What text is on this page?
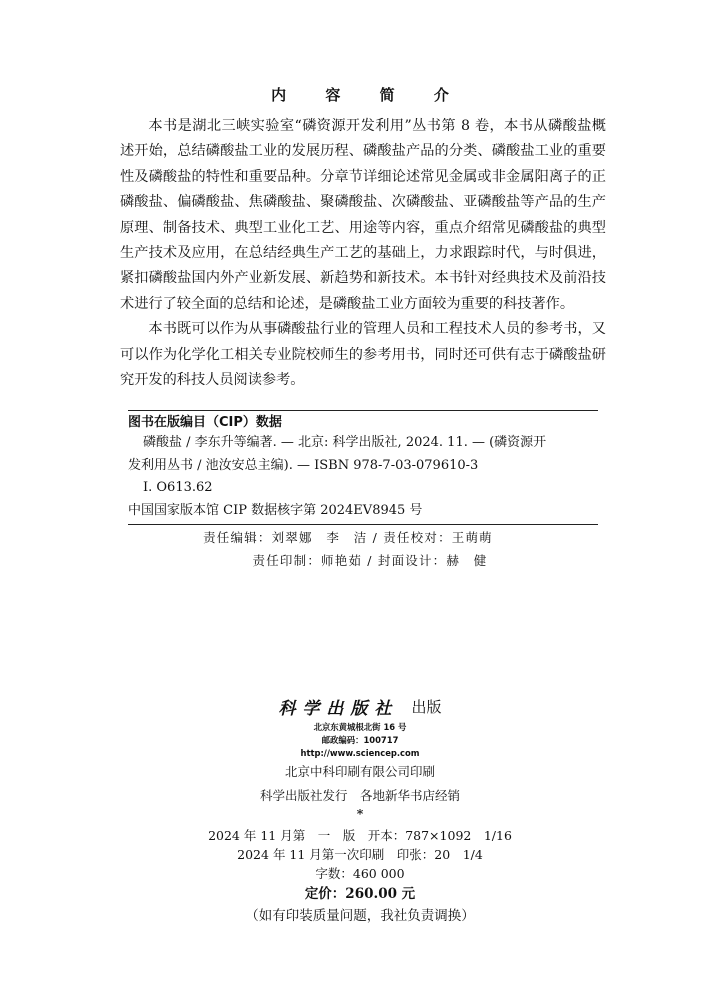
内 容 简 介

本书是湖北三峡实验室“磷资源开发利用”丛书第 8 卷，本书从磷酸盐概述开始，总结磷酸盐工业的发展历程、磷酸盐产品的分类、磷酸盐工业的重要性及磷酸盐的特性和重要品种。分章节详细论述常见金属或非金属阳离子的正磷酸盐、偏磷酸盐、焦磷酸盐、聚磷酸盐、次磷酸盐、亚磷酸盐等产品的生产原理、制备技术、典型工业化工艺、用途等内容，重点介绍常见磷酸盐的典型生产技术及应用，在总结经典生产工艺的基础上，力求跟踪时代，与时俱进，紧扣磷酸盐国内外产业新发展、新趋势和新技术。本书针对经典技术及前沿技术进行了较全面的总结和论述，是磷酸盐工业方面较为重要的科技著作。

本书既可以作为从事磷酸盐行业的管理人员和工程技术人员的参考书，又可以作为化学化工相关专业院校师生的参考用书，同时还可供有志于磷酸盐研究开发的科技人员阅读参考。

图书在版编目（CIP）数据
磷酸盐 / 李东升等编著. — 北京: 科学出版社, 2024. 11. — (磷资源开
发利用丛书 / 池汝安总主编). — ISBN 978-7-03-079610-3
Ⅰ. O613.62
中国国家版本馆 CIP 数据核字第 2024EV8945 号
责任编辑：刘翠娜　李　洁 / 责任校对：王萌萌
责任印制：师艳茹 / 封面设计：赫　健
科学出版社 出版
北京东黄城根北街 16 号
邮政编码：100717
http://www.sciencep.com
北京中科印刷有限公司印刷
科学出版社发行　各地新华书店经销
*
2024 年 11 月第　一　版　开本：787×1092　1/16
2024 年 11 月第一次印刷　印张：20　1/4
字数：460 000
定价：260.00 元
（如有印装质量问题，我社负责调换）
